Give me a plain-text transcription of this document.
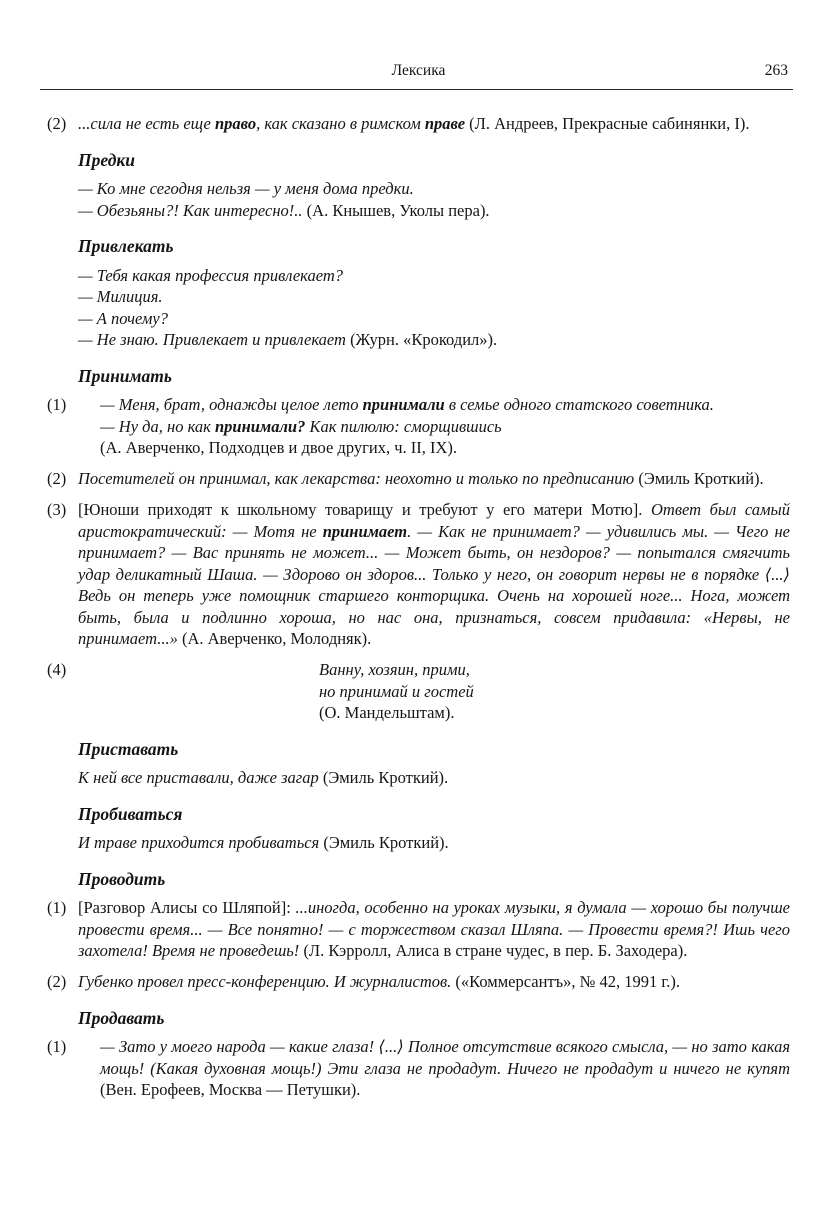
Лексика	263
(2) ...сила не есть еще право, как сказано в римском праве (Л. Андреев, Прекрасные сабинянки, I).

Предки

— Ко мне сегодня нельзя — у меня дома предки.

— Обезьяны?! Как интересно!.. (А. Кнышев, Уколы пера).

Привлекать

— Тебя какая профессия привлекает?

— Милиция.

— А почему?

— Не знаю. Привлекает и привлекает (Журн. «Крокодил»).

Принимать
(1)	— Меня, брат, однажды целое лето принимали в семье одного статского советника.

— Ну да, но как принимали? Как пилюлю: сморщившись

(А. Аверченко, Подходцев и двое других, ч. II, IX).

(2) Посетителей он принимал, как лекарства: неохотно и только по предписанию (Эмиль Кроткий).

(3) [Юноши приходят к школьному товарищу и требуют у его матери Мотю]. Ответ был самый аристократический: — Мотя не принимает. — Как не принимает? — удивились мы. — Чего не принимает? — Вас принять не может... — Может быть, он нездоров? — попытался смягчить удар деликатный Шаша. — Здорово он здоров... Только у него, он говорит нервы не в порядке ⟨...⟩ Ведь он теперь уже помощник старшего конторщика. Очень на хорошей ноге... Нога, может быть, была и подлинно хороша, но нас она, признаться, совсем придавила: «Нервы, не принимает...» (А. Аверченко, Молодняк).

(4)	Ванну, хозяин, прими,

но принимай и гостей

(О. Мандельштам).

Приставать

К ней все приставали, даже загар (Эмиль Кроткий).

Пробиваться

И траве приходится пробиваться (Эмиль Кроткий).

Проводить
(1) [Разговор Алисы со Шляпой]: ...иногда, особенно на уроках музыки, я думала — хорошо бы получше провести время... — Все понятно! — с торжеством сказал Шляпа. — Провести время?! Ишь чего захотела! Время не проведешь! (Л. Кэрролл, Алиса в стране чудес, в пер. Б. Заходера).

(2) Губенко провел пресс-конференцию. И журналистов. («Коммерсантъ», № 42, 1991 г.).

Продавать
(1)	— Зато у моего народа — какие глаза! ⟨...⟩ Полное отсутствие всякого смысла, — но зато какая мощь! (Какая духовная мощь!) Эти глаза не продадут. Ничего не продадут и ничего не купят (Вен. Ерофеев, Москва — Петушки).
